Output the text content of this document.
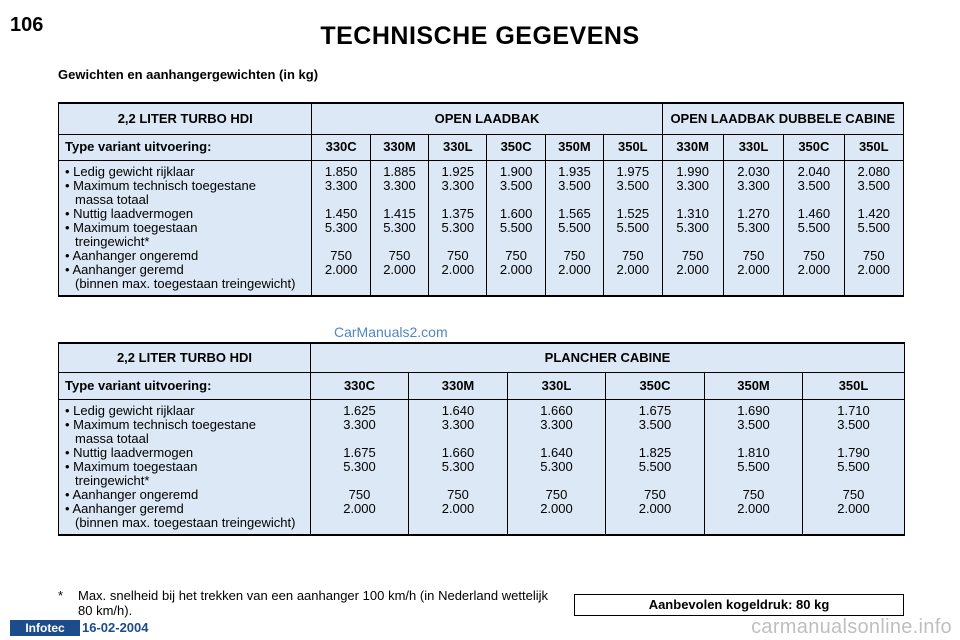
106	TECHNISCHE GEGEVENS
Gewichten en aanhangergewichten (in kg)
2,2 LITER TURBO HDI	OPEN LAADBAK						OPEN LAADBAK DUBBELE CABINE			
Type variant uitvoering:	330C	330M	330L	350C	350M	350L	330M	330L	350C	350L
• Ledig gewicht rijklaar	1.850	1.885	1.925	1.900	1.935	1.975	1.990	2.030	2.040	2.080
• Maximum technisch toegestane
massa totaal	3.300	3.300	3.300	3.500	3.500	3.500	3.300	3.300	3.500	3.500
• Nuttig laadvermogen	1.450	1.415	1.375	1.600	1.565	1.525	1.310	1.270	1.460	1.420
• Maximum toegestaan
treingewicht*	5.300	5.300	5.300	5.500	5.500	5.500	5.300	5.300	5.500	5.500
• Aanhanger ongeremd	750	750	750	750	750	750	750	750	750	750
• Aanhanger geremd
(binnen max. toegestaan treingewicht)	2.000	2.000	2.000	2.000	2.000	2.000	2.000	2.000	2.000	2.000
CarManuals2.com
2,2 LITER TURBO HDI	PLANCHER CABINE					
Type variant uitvoering:	330C	330M	330L	350C	350M	350L
• Ledig gewicht rijklaar	1.625	1.640	1.660	1.675	1.690	1.710
• Maximum technisch toegestane
massa totaal	3.300	3.300	3.300	3.500	3.500	3.500
• Nuttig laadvermogen	1.675	1.660	1.640	1.825	1.810	1.790
• Maximum toegestaan
treingewicht*	5.300	5.300	5.300	5.500	5.500	5.500
• Aanhanger ongeremd	750	750	750	750	750	750
• Aanhanger geremd
(binnen max. toegestaan treingewicht)	2.000	2.000	2.000	2.000	2.000	2.000
*	Max. snelheid bij het trekken van een aanhanger 100 km/h (in Nederland wettelijk 80 km/h).	Aanbevolen kogeldruk: 80 kg
Infotec	16-02-2004	carmanualsonline.info
